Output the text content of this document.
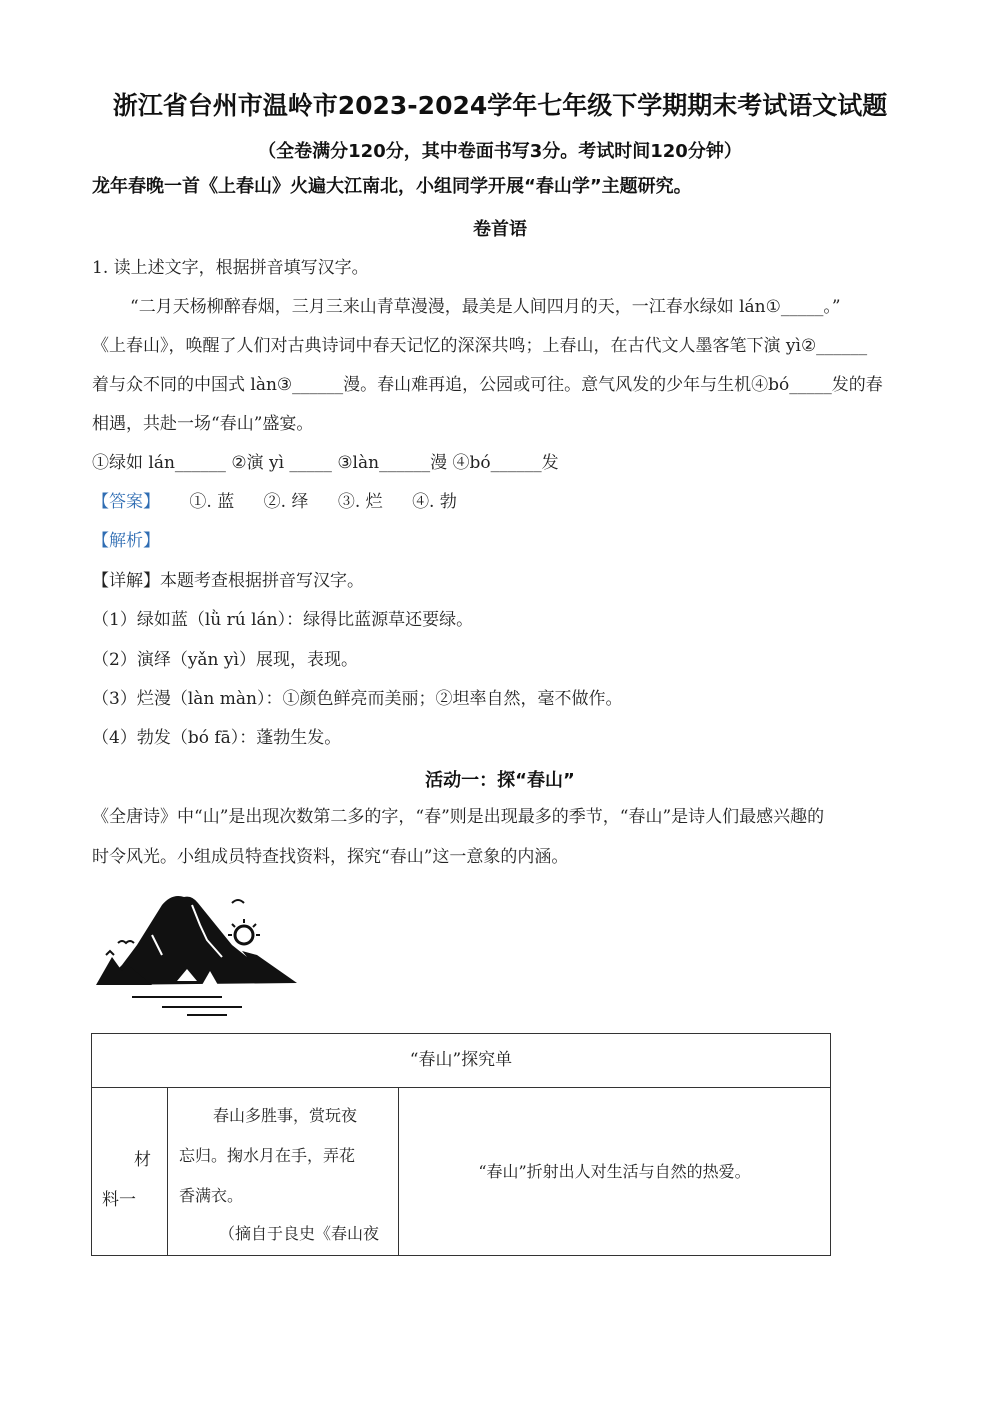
浙江省台州市温岭市2023-2024学年七年级下学期期末考试语文试题
（全卷满分120分，其中卷面书写3分。考试时间120分钟）
龙年春晚一首《上春山》火遍大江南北，小组同学开展“春山学”主题研究。
卷首语
1. 读上述文字，根据拼音填写汉字。
“二月天杨柳醉春烟，三月三来山青草漫漫，最美是人间四月的天，一江春水绿如 lán①_____。”
《上春山》，唤醒了人们对古典诗词中春天记忆的深深共鸣；上春山，在古代文人墨客笔下演 yì②______
着与众不同的中国式 làn③______漫。春山难再追，公园或可往。意气风发的少年与生机④bó_____发的春
相遇，共赴一场“春山”盛宴。
①绿如 lán______ ②演 yì _____ ③làn______漫 ④bó______发
【答案】 ①. 蓝 ②. 绎 ③. 烂 ④. 勃
【解析】
【详解】本题考查根据拼音写汉字。
（1）绿如蓝（lǜ rú lán）：绿得比蓝源草还要绿。
（2）演绎（yǎn yì）展现，表现。
（3）烂漫（làn màn）：①颜色鲜亮而美丽；②坦率自然，毫不做作。
（4）勃发（bó fā）：蓬勃生发。
活动一：探“春山”
《全唐诗》中“山”是出现次数第二多的字，“春”则是出现最多的季节，“春山”是诗人们最感兴趣的
时令风光。小组成员特查找资料，探究“春山”这一意象的内涵。
“春山”探究单
材
料一
春山多胜事，赏玩夜
忘归。掬水月在手，弄花
香满衣。
（摘自于良史《春山夜
“春山”折射出人对生活与自然的热爱。
